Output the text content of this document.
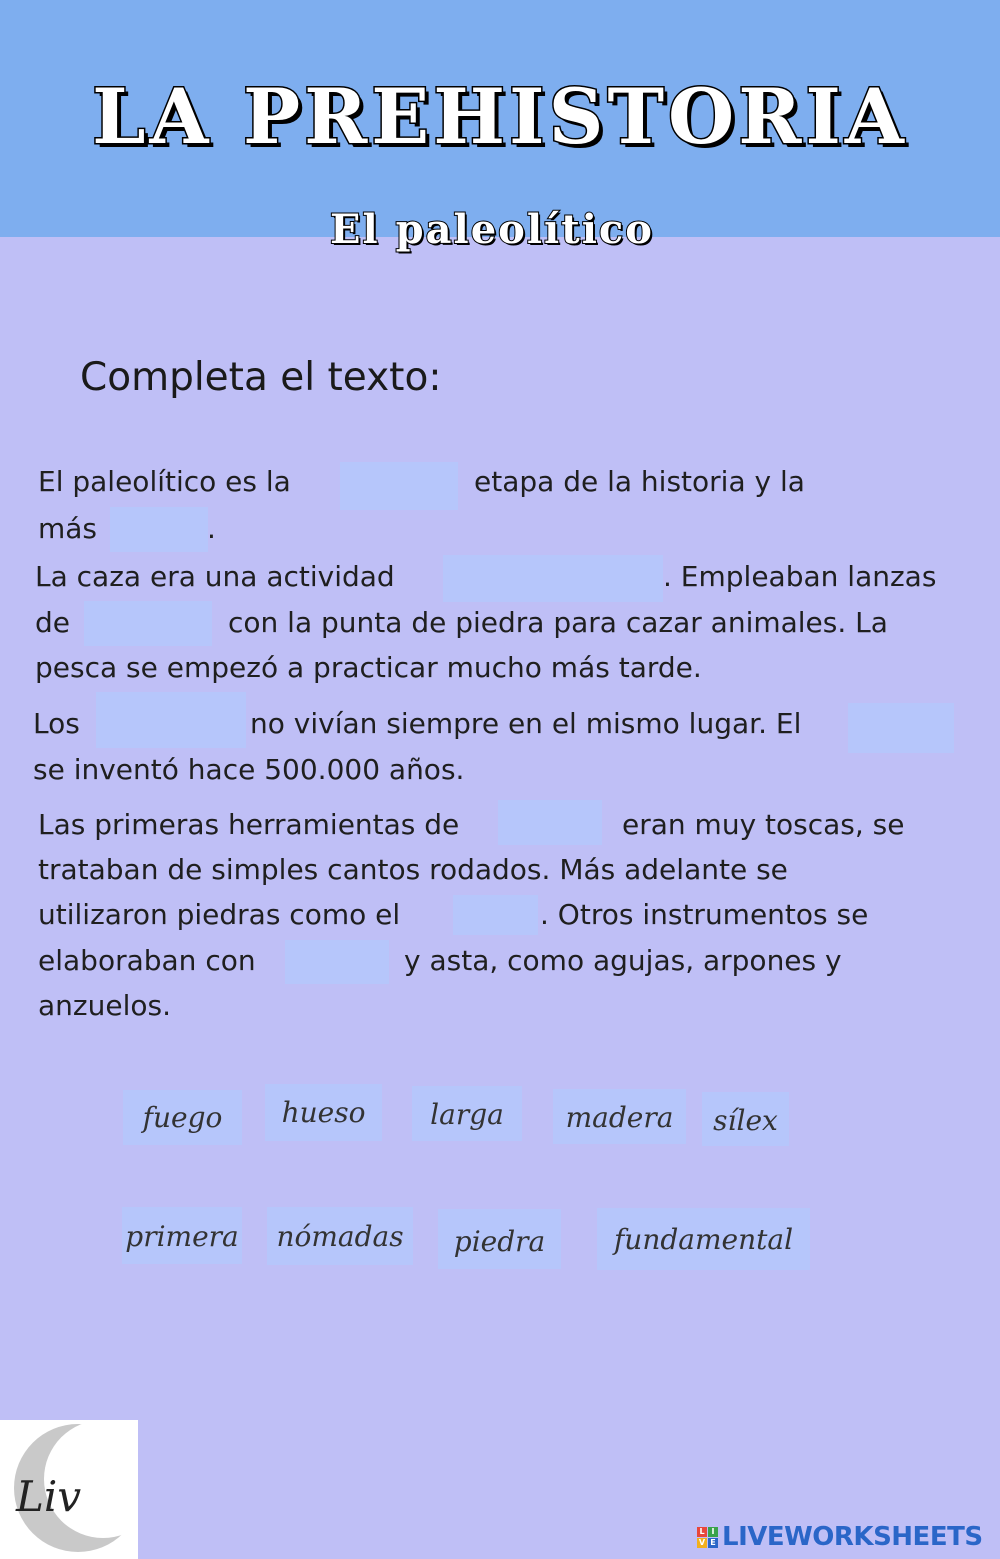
LA PREHISTORIA
El paleolítico
Completa el texto:
El paleolítico es la	etapa de la historia y la
más	.
La caza era una actividad	. Empleaban lanzas
de	con la punta de piedra para cazar animales. La
pesca se empezó a practicar mucho más tarde.
Los	no vivían siempre en el mismo lugar. El
se inventó hace 500.000 años.
Las primeras herramientas de	eran muy toscas, se
trataban de simples cantos rodados. Más adelante se
utilizaron piedras como el	. Otros instrumentos se
elaboraban con	y asta, como agujas, arpones y
anzuelos.
fuego	hueso	larga	madera	sílex
primera	nómadas	piedra	fundamental
Liv
L I
V E LIVEWORKSHEETS
